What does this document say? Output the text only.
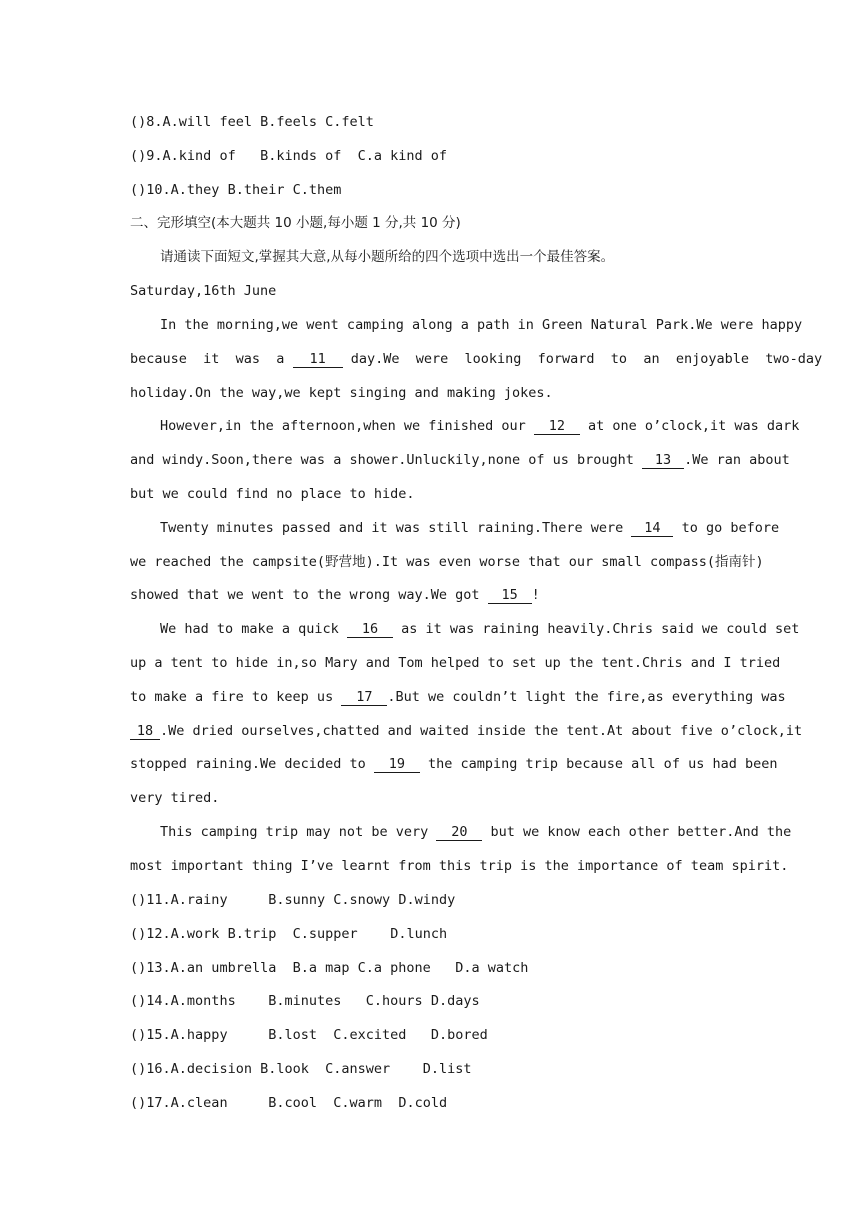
()8.A.will feel B.feels C.felt
()9.A.kind of B.kinds of C.a kind of
()10.A.they B.their C.them
二、完形填空(本大题共 10 小题,每小题 1 分,共 10 分)
请通读下面短文,掌握其大意,从每小题所给的四个选项中选出一个最佳答案。
Saturday,16th June
In the morning,we went camping along a path in Green Natural Park.We were happy
because  it  was  a 11 day.We  were  looking  forward  to  an  enjoyable  two-day
holiday.On the way,we kept singing and making jokes.
However,in the afternoon,when we finished our 12 at one o’clock,it was dark
and windy.Soon,there was a shower.Unluckily,none of us brought 13 .We ran about
but we could find no place to hide.
Twenty minutes passed and it was still raining.There were 14 to go before
we reached the campsite(野营地).It was even worse that our small compass(指南针)
showed that we went to the wrong way.We got 15 !
We had to make a quick 16 as it was raining heavily.Chris said we could set
up a tent to hide in,so Mary and Tom helped to set up the tent.Chris and I tried
to make a fire to keep us 17 .But we couldn’t light the fire,as everything was
18 .We dried ourselves,chatted and waited inside the tent.At about five o’clock,it
stopped raining.We decided to 19 the camping trip because all of us had been
very tired.
This camping trip may not be very 20 but we know each other better.And the
most important thing I’ve learnt from this trip is the importance of team spirit.
()11.A.rainy	B.sunny C.snowy D.windy
()12.A.work B.trip C.supper D.lunch
()13.A.an umbrella B.a map C.a phone D.a watch
()14.A.months B.minutes C.hours D.days
()15.A.happy	B.lost C.excited D.bored
()16.A.decision B.look C.answer D.list
()17.A.clean	B.cool C.warm D.cold
